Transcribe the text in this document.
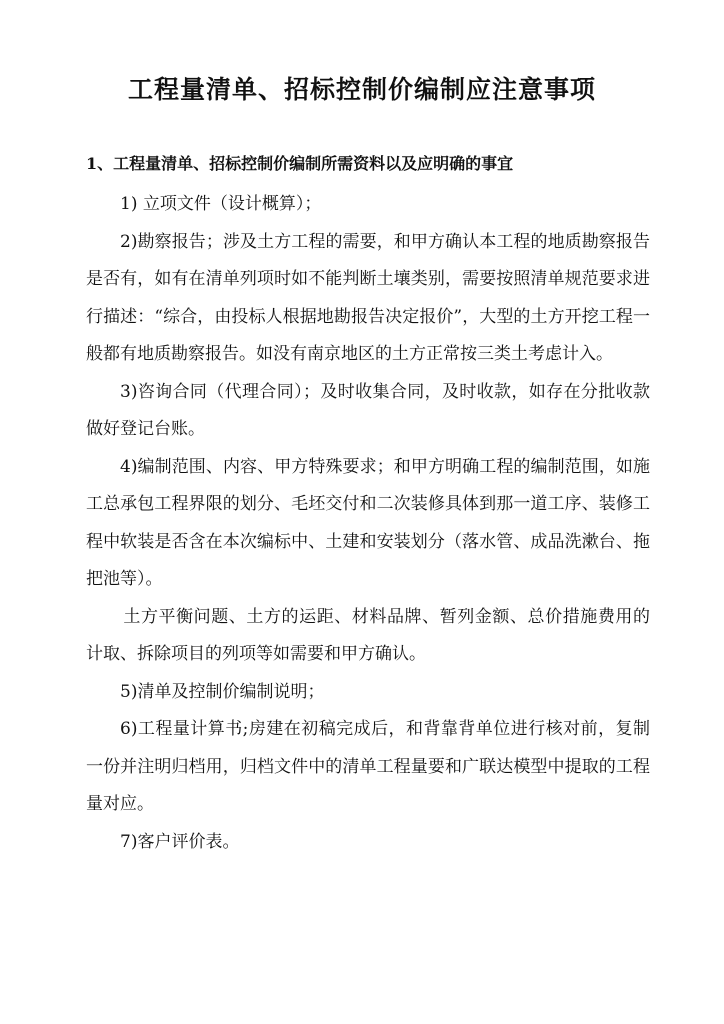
工程量清单、招标控制价编制应注意事项
1、工程量清单、招标控制价编制所需资料以及应明确的事宜

1) 立项文件（设计概算）；

2)勘察报告；涉及土方工程的需要，和甲方确认本工程的地质勘察报告是否有，如有在清单列项时如不能判断土壤类别，需要按照清单规范要求进行描述：“综合，由投标人根据地勘报告决定报价”，大型的土方开挖工程一般都有地质勘察报告。如没有南京地区的土方正常按三类土考虑计入。

3)咨询合同（代理合同）；及时收集合同，及时收款，如存在分批收款做好登记台账。

4)编制范围、内容、甲方特殊要求；和甲方明确工程的编制范围，如施工总承包工程界限的划分、毛坯交付和二次装修具体到那一道工序、装修工程中软装是否含在本次编标中、土建和安装划分（落水管、成品洗漱台、拖把池等）。

土方平衡问题、土方的运距、材料品牌、暂列金额、总价措施费用的计取、拆除项目的列项等如需要和甲方确认。

5)清单及控制价编制说明；

6)工程量计算书;房建在初稿完成后，和背靠背单位进行核对前，复制一份并注明归档用，归档文件中的清单工程量要和广联达模型中提取的工程量对应。

7)客户评价表。
